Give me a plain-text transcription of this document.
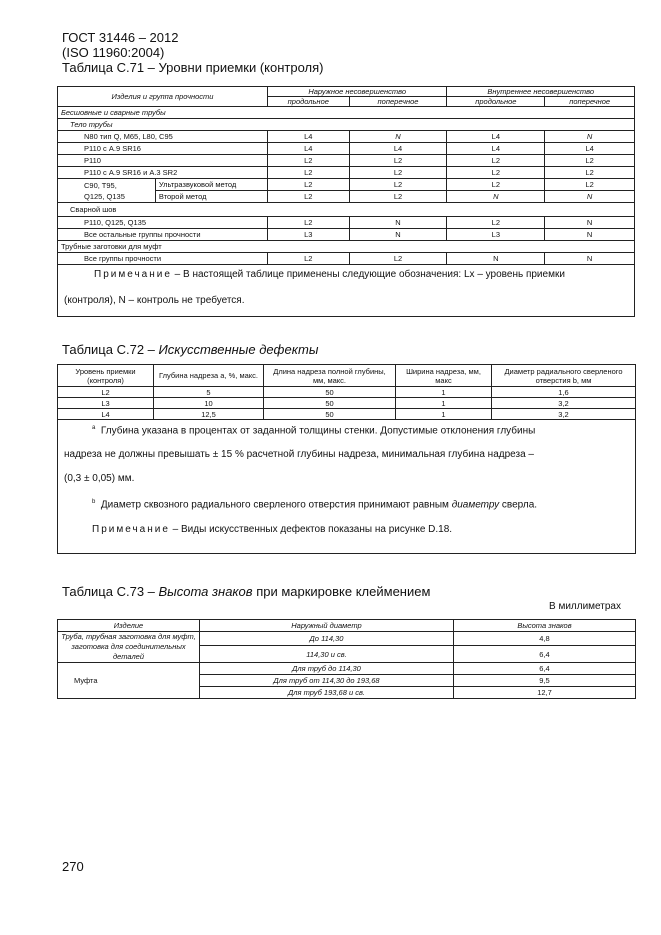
ГОСТ 31446 – 2012
(ISO 11960:2004)
Таблица С.71 – Уровни приемки (контроля)
Изделия и группа прочности		Наружное несовершенство		Внутреннее несовершенство	
		продольное	поперечное	продольное	поперечное
Бесшовные и сварные трубы					
Тело трубы					
N80 тип Q, M65, L80, C95		L4	N	L4	N
P110 с A.9 SR16		L4	L4	L4	L4
P110		L2	L2	L2	L2
P110 с A.9 SR16 и A.3 SR2		L2	L2	L2	L2

C90, T95,
Q125, Q135	Ультразвуковой метод	L2	L2	L2	L2
	Второй метод	L2	L2	N	N
Сварной шов					
P110, Q125, Q135		L2	N	L2	N
Все остальные группы прочности		L3	N	L3	N
Трубные заготовки для муфт					
Все группы прочности		L2	L2	N	N

Примечание – В настоящей таблице применены следующие обозначения: Lx – уровень приемки
(контроля), N – контроль не требуется.					
Таблица С.72 – Искусственные дефекты
Уровень приемки (контроля)	Глубина надреза a, %, макс.	Длина надреза полной глубины, мм, макс.	Ширина надреза, мм, макс	Диаметр радиального сверленого отверстия b, мм
L2	5	50	1	1,6
L3	10	50	1	3,2
L4	12,5	50	1	3,2

$^a$ Глубина указана в процентах от заданной толщины стенки. Допустимые отклонения глубины
надреза не должны превышать ± 15 % расчетной глубины надреза, минимальная глубина надреза –
(0,3 ± 0,05) мм.
$^b$ Диаметр сквозного радиального сверленого отверстия принимают равным диаметру сверла.
Примечание – Виды искусственных дефектов показаны на рисунке D.18.				
Таблица С.73 – Высота знаков при маркировке клеймением
В миллиметрах
Изделие	Наружный диаметр	Высота знаков
Труба, трубная заготовка для муфт, заготовка для соединительных деталей	До 114,30	4,8
	114,30 и св.	6,4
Муфта	Для труб до 114,30	6,4
	Для труб от 114,30 до 193,68	9,5
	Для труб 193,68 и св.	12,7
270
